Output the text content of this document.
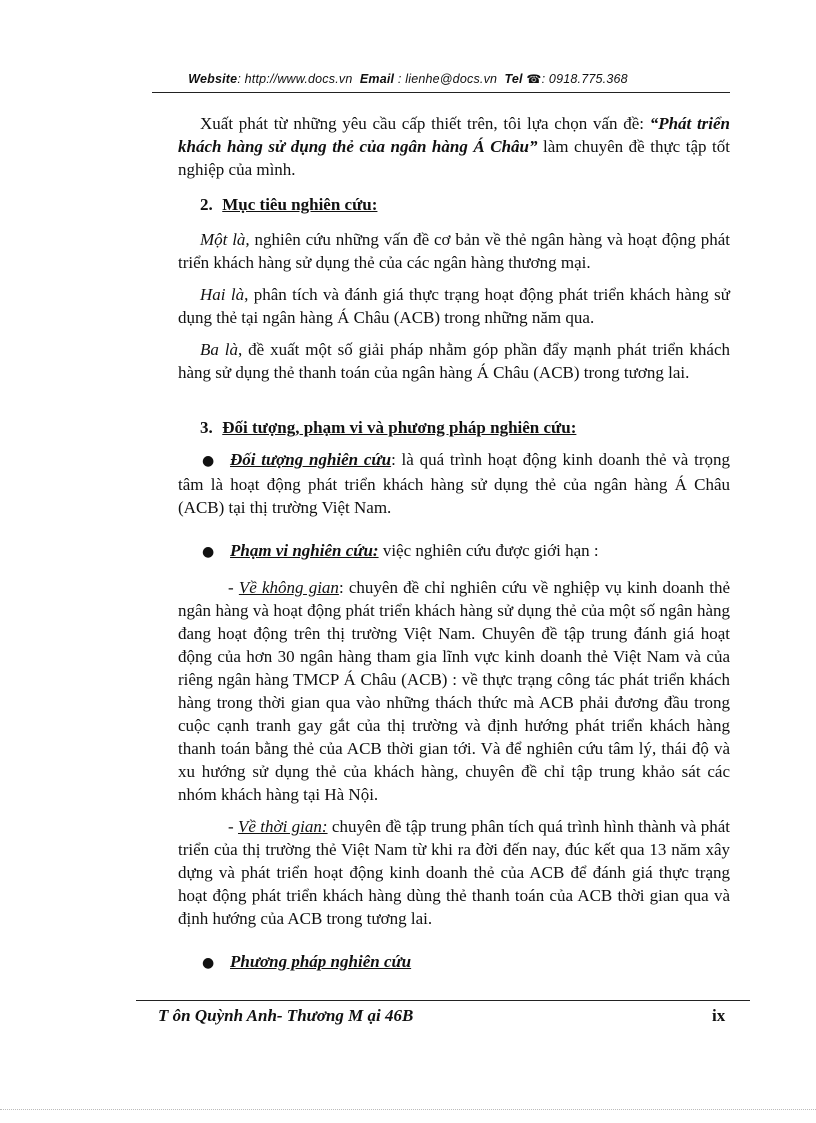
Website: http://www.docs.vn Email : lienhe@docs.vn Tel ☎: 0918.775.368

Xuất phát từ những yêu cầu cấp thiết trên, tôi lựa chọn vấn đề: “Phát triển khách hàng sử dụng thẻ của ngân hàng Á Châu” làm chuyên đề thực tập tốt nghiệp của mình.

2. Mục tiêu nghiên cứu:

Một là, nghiên cứu những vấn đề cơ bản về thẻ ngân hàng và hoạt động phát triển khách hàng sử dụng thẻ của các ngân hàng thương mại.

Hai là, phân tích và đánh giá thực trạng hoạt động phát triển khách hàng sử dụng thẻ tại ngân hàng Á Châu (ACB) trong những năm qua.

Ba là, đề xuất một số giải pháp nhằm góp phần đẩy mạnh phát triển khách hàng sử dụng thẻ thanh toán của ngân hàng Á Châu (ACB) trong tương lai.

3. Đối tượng, phạm vi và phương pháp nghiên cứu:

● Đối tượng nghiên cứu: là quá trình hoạt động kinh doanh thẻ và trọng tâm là hoạt động phát triển khách hàng sử dụng thẻ của ngân hàng Á Châu (ACB) tại thị trường Việt Nam.

● Phạm vi nghiên cứu: việc nghiên cứu được giới hạn :

- Về không gian: chuyên đề chỉ nghiên cứu về nghiệp vụ kinh doanh thẻ ngân hàng và hoạt động phát triển khách hàng sử dụng thẻ của một số ngân hàng đang hoạt động trên thị trường Việt Nam. Chuyên đề tập trung đánh giá hoạt động của hơn 30 ngân hàng tham gia lĩnh vực kinh doanh thẻ Việt Nam và của riêng ngân hàng TMCP Á Châu (ACB) : về thực trạng công tác phát triển khách hàng trong thời gian qua vào những thách thức mà ACB phải đương đầu trong cuộc cạnh tranh gay gắt của thị trường và định hướng phát triển khách hàng thanh toán bằng thẻ của ACB thời gian tới. Và để nghiên cứu tâm lý, thái độ và xu hướng sử dụng thẻ của khách hàng, chuyên đề chỉ tập trung khảo sát các nhóm khách hàng tại Hà Nội.

- Về thời gian: chuyên đề tập trung phân tích quá trình hình thành và phát triển của thị trường thẻ Việt Nam từ khi ra đời đến nay, đúc kết qua 13 năm xây dựng và phát triển hoạt động kinh doanh thẻ của ACB để đánh giá thực trạng hoạt động phát triển khách hàng dùng thẻ thanh toán của ACB thời gian qua và định hướng của ACB trong tương lai.

● Phương pháp nghiên cứu

T ôn Quỳnh Anh- Thương M ại 46B	ix
